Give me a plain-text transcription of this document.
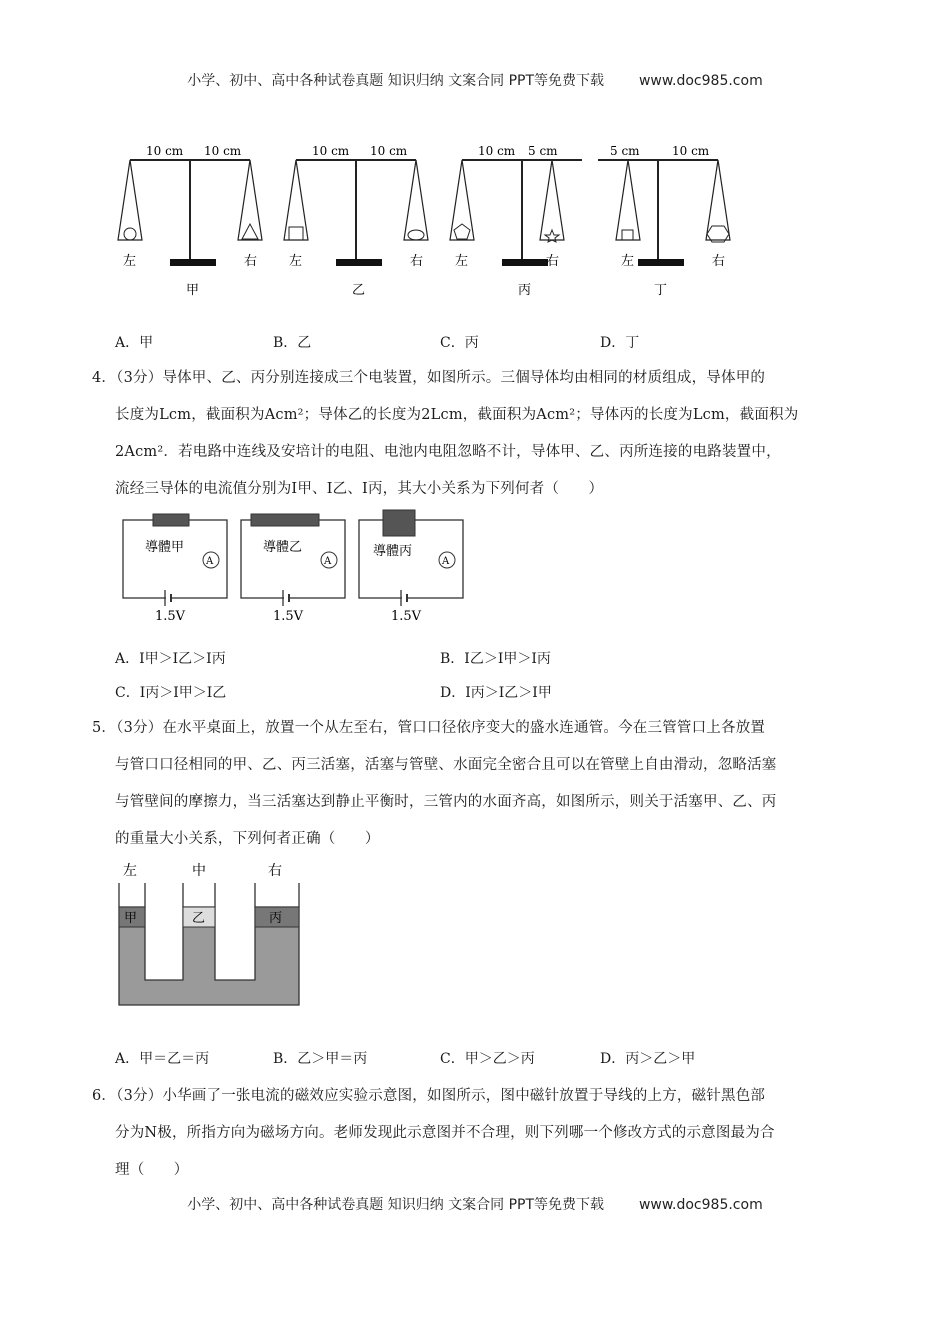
小学、初中、高中各种试卷真题 知识归纳 文案合同 PPT等免费下载 www.doc985.com
10 cm 10 cm
左	右
甲
10 cm 10 cm
左	右
乙
10 cm 5 cm
左	右
丙
5 cm	10 cm
左	右
丁
A．甲	B．乙	C．丙	D．丁
4．（3分）导体甲、乙、丙分别连接成三个电装置，如图所示。三個导体均由相同的材质组成，导体甲的
长度为Lcm，截面积为Acm²；导体乙的长度为2Lcm，截面积为Acm²；导体丙的长度为Lcm，截面积为
2Acm²．若电路中连线及安培计的电阻、电池内电阻忽略不计，导体甲、乙、丙所连接的电路装置中，
流经三导体的电流值分别为Ⅰ甲、Ⅰ乙、Ⅰ丙，其大小关系为下列何者（　　）
A
導體甲
1.5V
A
導體乙
1.5V
A
導體丙
1.5V
A．Ⅰ甲＞Ⅰ乙＞Ⅰ丙	B．Ⅰ乙＞Ⅰ甲＞Ⅰ丙
C．Ⅰ丙＞Ⅰ甲＞Ⅰ乙	D．Ⅰ丙＞Ⅰ乙＞Ⅰ甲
5．（3分）在水平桌面上，放置一个从左至右，管口口径依序变大的盛水连通管。今在三管管口上各放置
与管口口径相同的甲、乙、丙三活塞，活塞与管壁、水面完全密合且可以在管壁上自由滑动，忽略活塞
与管壁间的摩擦力，当三活塞达到静止平衡时，三管内的水面齐高，如图所示，则关于活塞甲、乙、丙
的重量大小关系，下列何者正确（　　）
甲	乙	丙
左	中	右
A．甲＝乙＝丙	B．乙＞甲＝丙	C．甲＞乙＞丙	D．丙＞乙＞甲
6．（3分）小华画了一张电流的磁效应实验示意图，如图所示，图中磁针放置于导线的上方，磁针黑色部
分为N极，所指方向为磁场方向。老师发现此示意图并不合理，则下列哪一个修改方式的示意图最为合
理（　　）
小学、初中、高中各种试卷真题 知识归纳 文案合同 PPT等免费下载 www.doc985.com
